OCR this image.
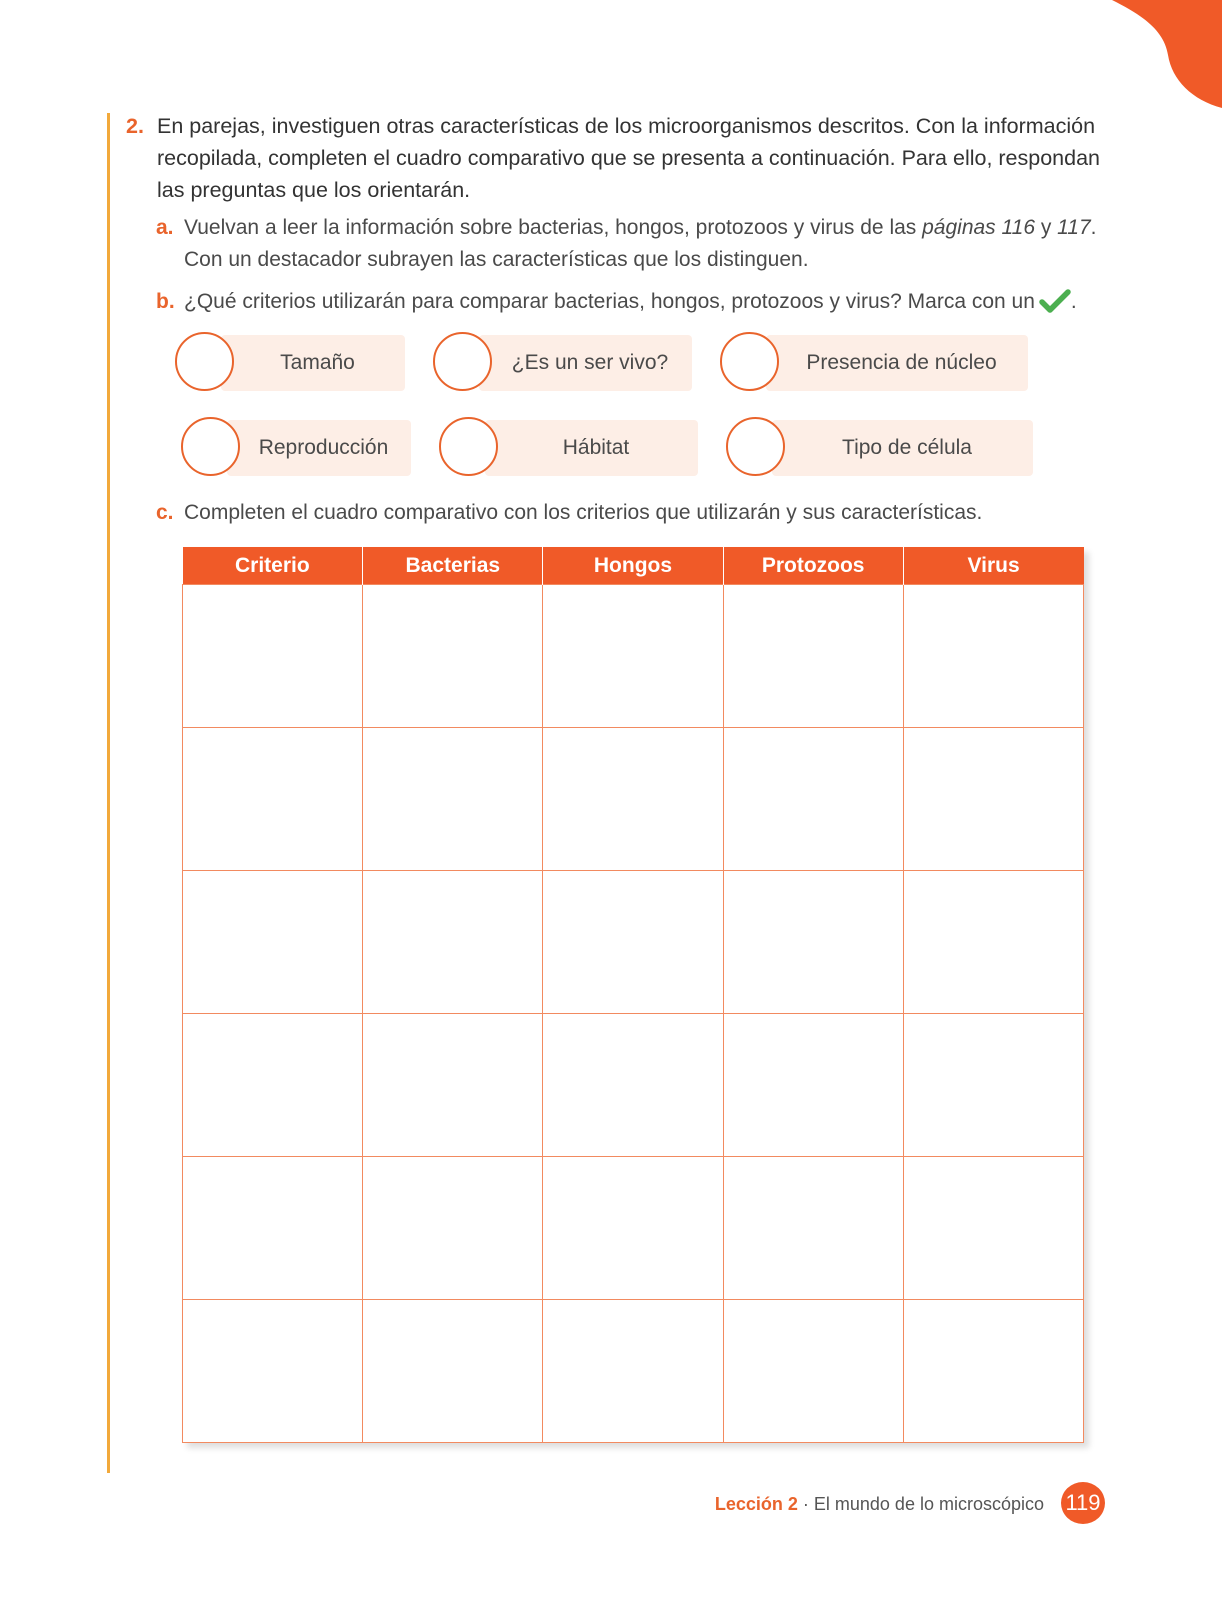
2. En parejas, investiguen otras características de los microorganismos descritos. Con la información recopilada, completen el cuadro comparativo que se presenta a continuación. Para ello, respondan las preguntas que los orientarán.
a. Vuelvan a leer la información sobre bacterias, hongos, protozoos y virus de las páginas 116 y 117. Con un destacador subrayen las características que los distinguen.
b. ¿Qué criterios utilizarán para comparar bacterias, hongos, protozoos y virus? Marca con un .
Tamaño	¿Es un ser vivo?	Presencia de núcleo
Reproducción	Hábitat	Tipo de célula
c. Completen el cuadro comparativo con los criterios que utilizarán y sus características.
Criterio	Bacterias	Hongos	Protozoos	Virus

Lección 2 · El mundo de lo microscópico 119
